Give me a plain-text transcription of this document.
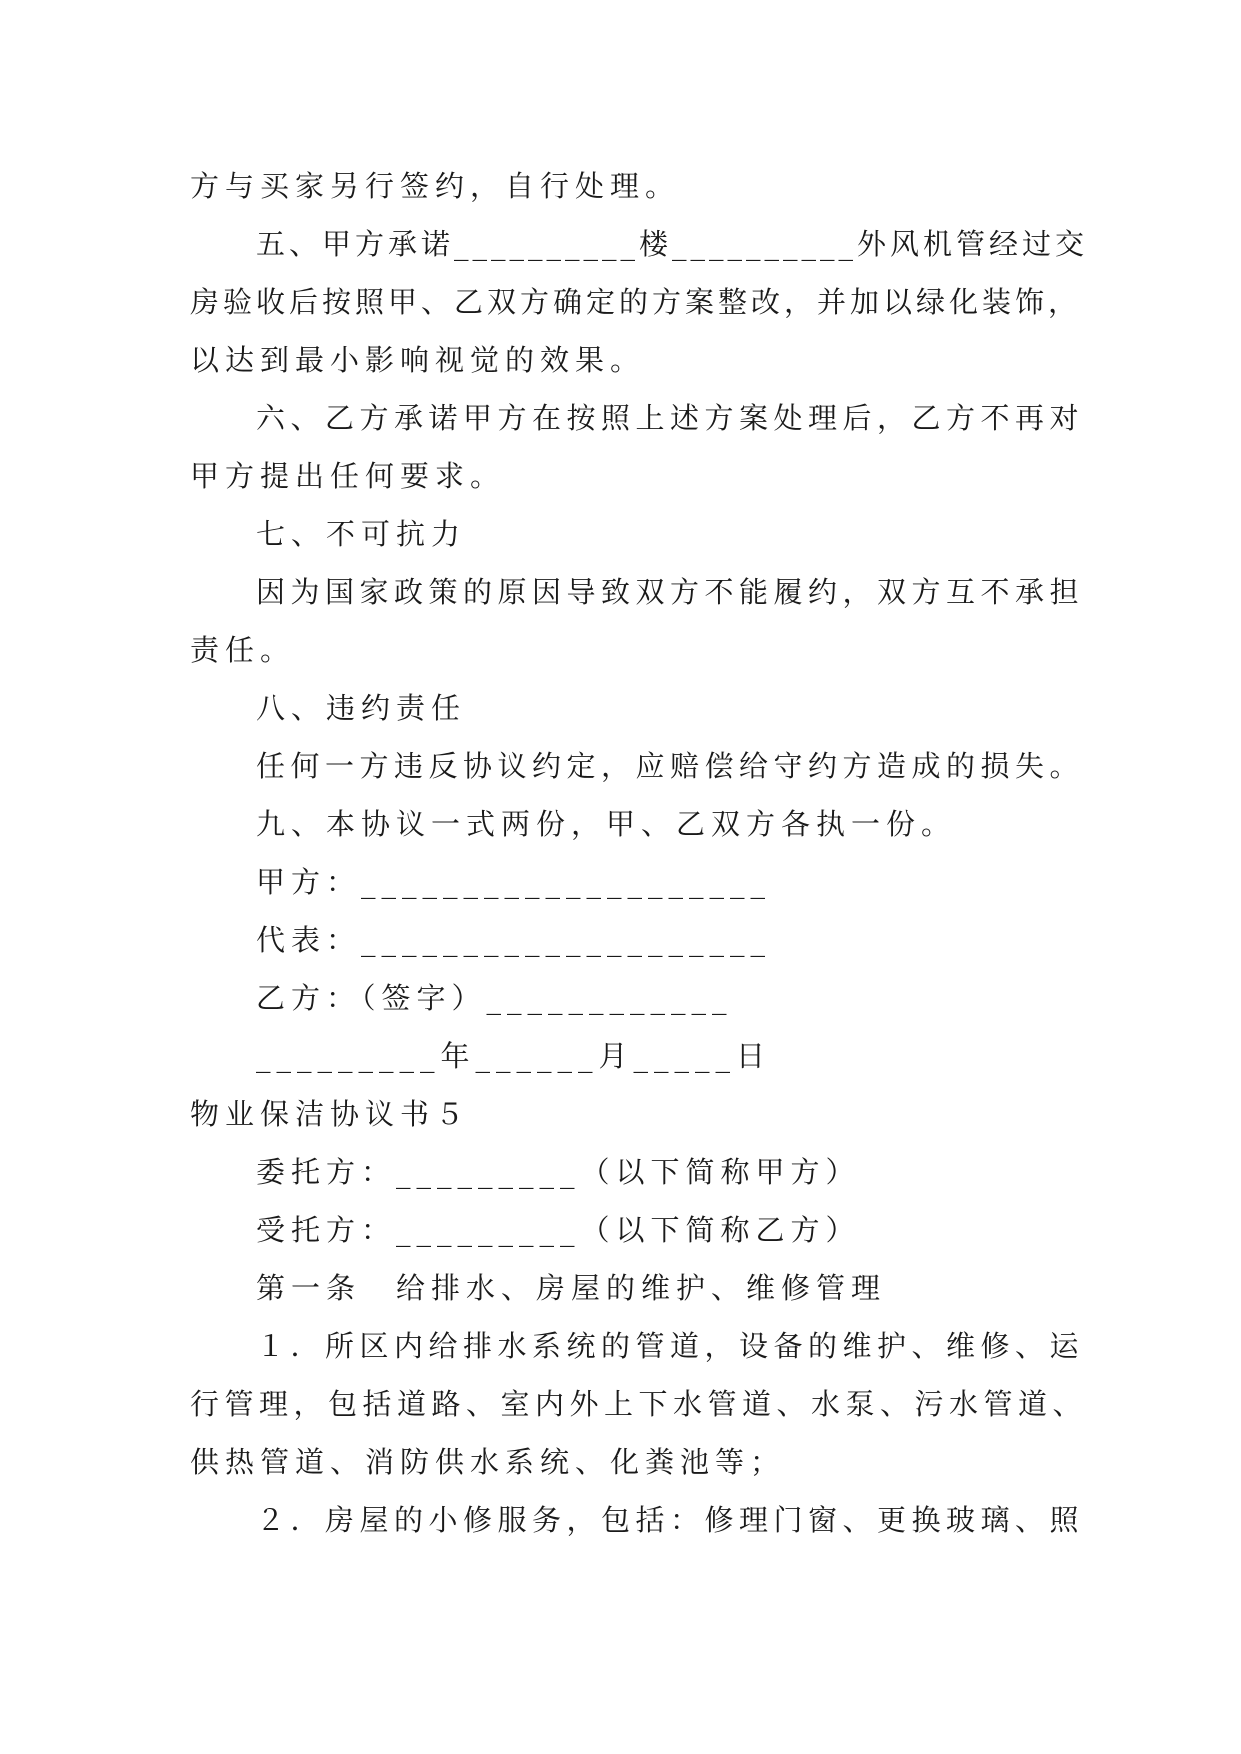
方与买家另行签约，自行处理。
五、甲方承诺__________楼__________外风机管经过交
房验收后按照甲、乙双方确定的方案整改，并加以绿化装饰，
以达到最小影响视觉的效果。
六、乙方承诺甲方在按照上述方案处理后，乙方不再对
甲方提出任何要求。
七、不可抗力
因为国家政策的原因导致双方不能履约，双方互不承担
责任。
八、违约责任
任何一方违反协议约定，应赔偿给守约方造成的损失。
九、本协议一式两份，甲、乙双方各执一份。
甲方：____________________
代表：____________________
乙方：（签字）____________
_________年______月_____日
物业保洁协议书５
委托方：_________（以下简称甲方）
受托方：_________（以下简称乙方）
第一条　给排水、房屋的维护、维修管理
１．所区内给排水系统的管道，设备的维护、维修、运
行管理，包括道路、室内外上下水管道、水泵、污水管道、
供热管道、消防供水系统、化粪池等；
２．房屋的小修服务，包括：修理门窗、更换玻璃、照
